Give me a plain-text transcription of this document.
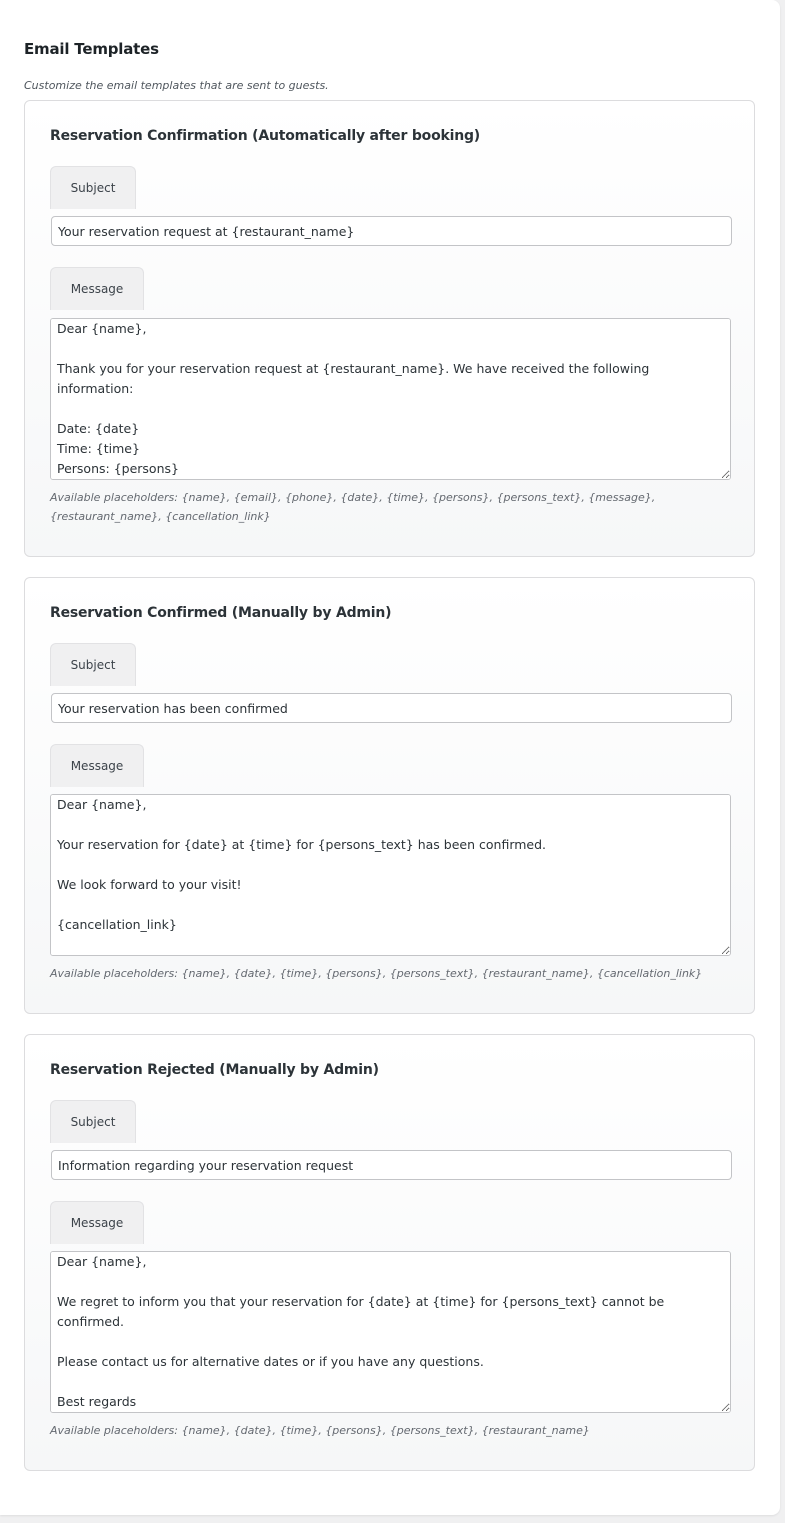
Email Templates
Customize the email templates that are sent to guests.
Reservation Confirmation (Automatically after booking)
Subject
Your reservation request at {restaurant_name}
Message
Dear {name}, Thank you for your reservation request at {restaurant_name}. We have received the following information: Date: {date} Time: {time} Persons: {persons}
Available placeholders: {name}, {email}, {phone}, {date}, {time}, {persons}, {persons_text}, {message}, {restaurant_name}, {cancellation_link}
Reservation Confirmed (Manually by Admin)
Subject
Your reservation has been confirmed
Message
Dear {name}, Your reservation for {date} at {time} for {persons_text} has been confirmed. We look forward to your visit! {cancellation_link}
Available placeholders: {name}, {date}, {time}, {persons}, {persons_text}, {restaurant_name}, {cancellation_link}
Reservation Rejected (Manually by Admin)
Subject
Information regarding your reservation request
Message
Dear {name}, We regret to inform you that your reservation for {date} at {time} for {persons_text} cannot be confirmed. Please contact us for alternative dates or if you have any questions. Best regards {restaurant_name}
Available placeholders: {name}, {date}, {time}, {persons}, {persons_text}, {restaurant_name}
